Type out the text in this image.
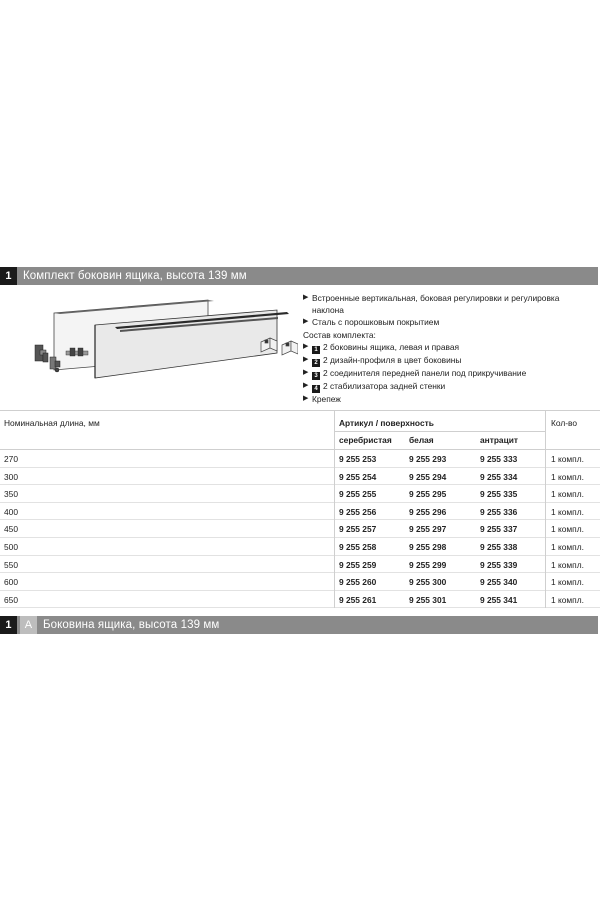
1 Комплект боковин ящика, высота 139 мм
▶ Встроенные вертикальная, боковая регулировки и регулировка
наклона
▶ Сталь с порошковым покрытием
Состав комплекта:
▶ 1 2 боковины ящика, левая и правая
▶ 2 2 дизайн-профиля в цвет боковины
▶ 3 2 соединителя передней панели под прикручивание
▶ 4 2 стабилизатора задней стенки
▶ Крепеж
Номинальная длина, мм	Артикул / поверхность	Кол-во
серебристая белая	антрацит
270	9 255 253	9 255 293	9 255 333	1 компл.
300	9 255 254	9 255 294	9 255 334	1 компл.
350	9 255 255	9 255 295	9 255 335	1 компл.
400	9 255 256	9 255 296	9 255 336	1 компл.
450	9 255 257	9 255 297	9 255 337	1 компл.
500	9 255 258	9 255 298	9 255 338	1 компл.
550	9 255 259	9 255 299	9 255 339	1 компл.
600	9 255 260	9 255 300	9 255 340	1 компл.
650	9 255 261	9 255 301	9 255 341	1 компл.
1	A Боковина ящика, высота 139 мм
